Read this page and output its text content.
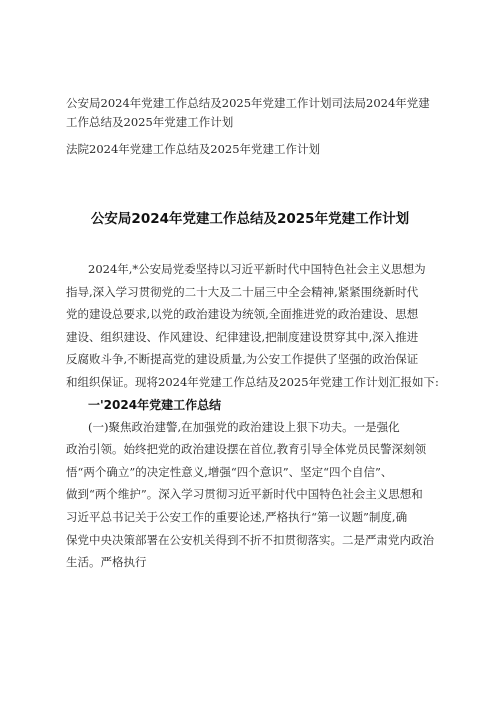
公安局2024年党建工作总结及2025年党建工作计划司法局2024年党建
工作总结及2025年党建工作计划
法院2024年党建工作总结及2025年党建工作计划
公安局2024年党建工作总结及2025年党建工作计划

2024年,*公安局党委坚持以习近平新时代中国特色社会主义思想为
指导,深入学习贯彻党的二十大及二十届三中全会精神,紧紧围绕新时代
党的建设总要求,以党的政治建设为统领,全面推进党的政治建设、思想
建设、组织建设、作风建设、纪律建设,把制度建设贯穿其中,深入推进
反腐败斗争,不断提高党的建设质量,为公安工作提供了坚强的政治保证
和组织保证。现将2024年党建工作总结及2025年党建工作计划汇报如下:

一'2024年党建工作总结

(一)聚焦政治建警,在加强党的政治建设上狠下功夫。一是强化
政治引领。始终把党的政治建设摆在首位,教育引导全体党员民警深刻领
悟“两个确立”的决定性意义,增强“四个意识”、坚定“四个自信”、
做到“两个维护”。深入学习贯彻习近平新时代中国特色社会主义思想和
习近平总书记关于公安工作的重要论述,严格执行“第一议题”制度,确
保党中央决策部署在公安机关得到不折不扣贯彻落实。二是严肃党内政治
生活。严格执行
